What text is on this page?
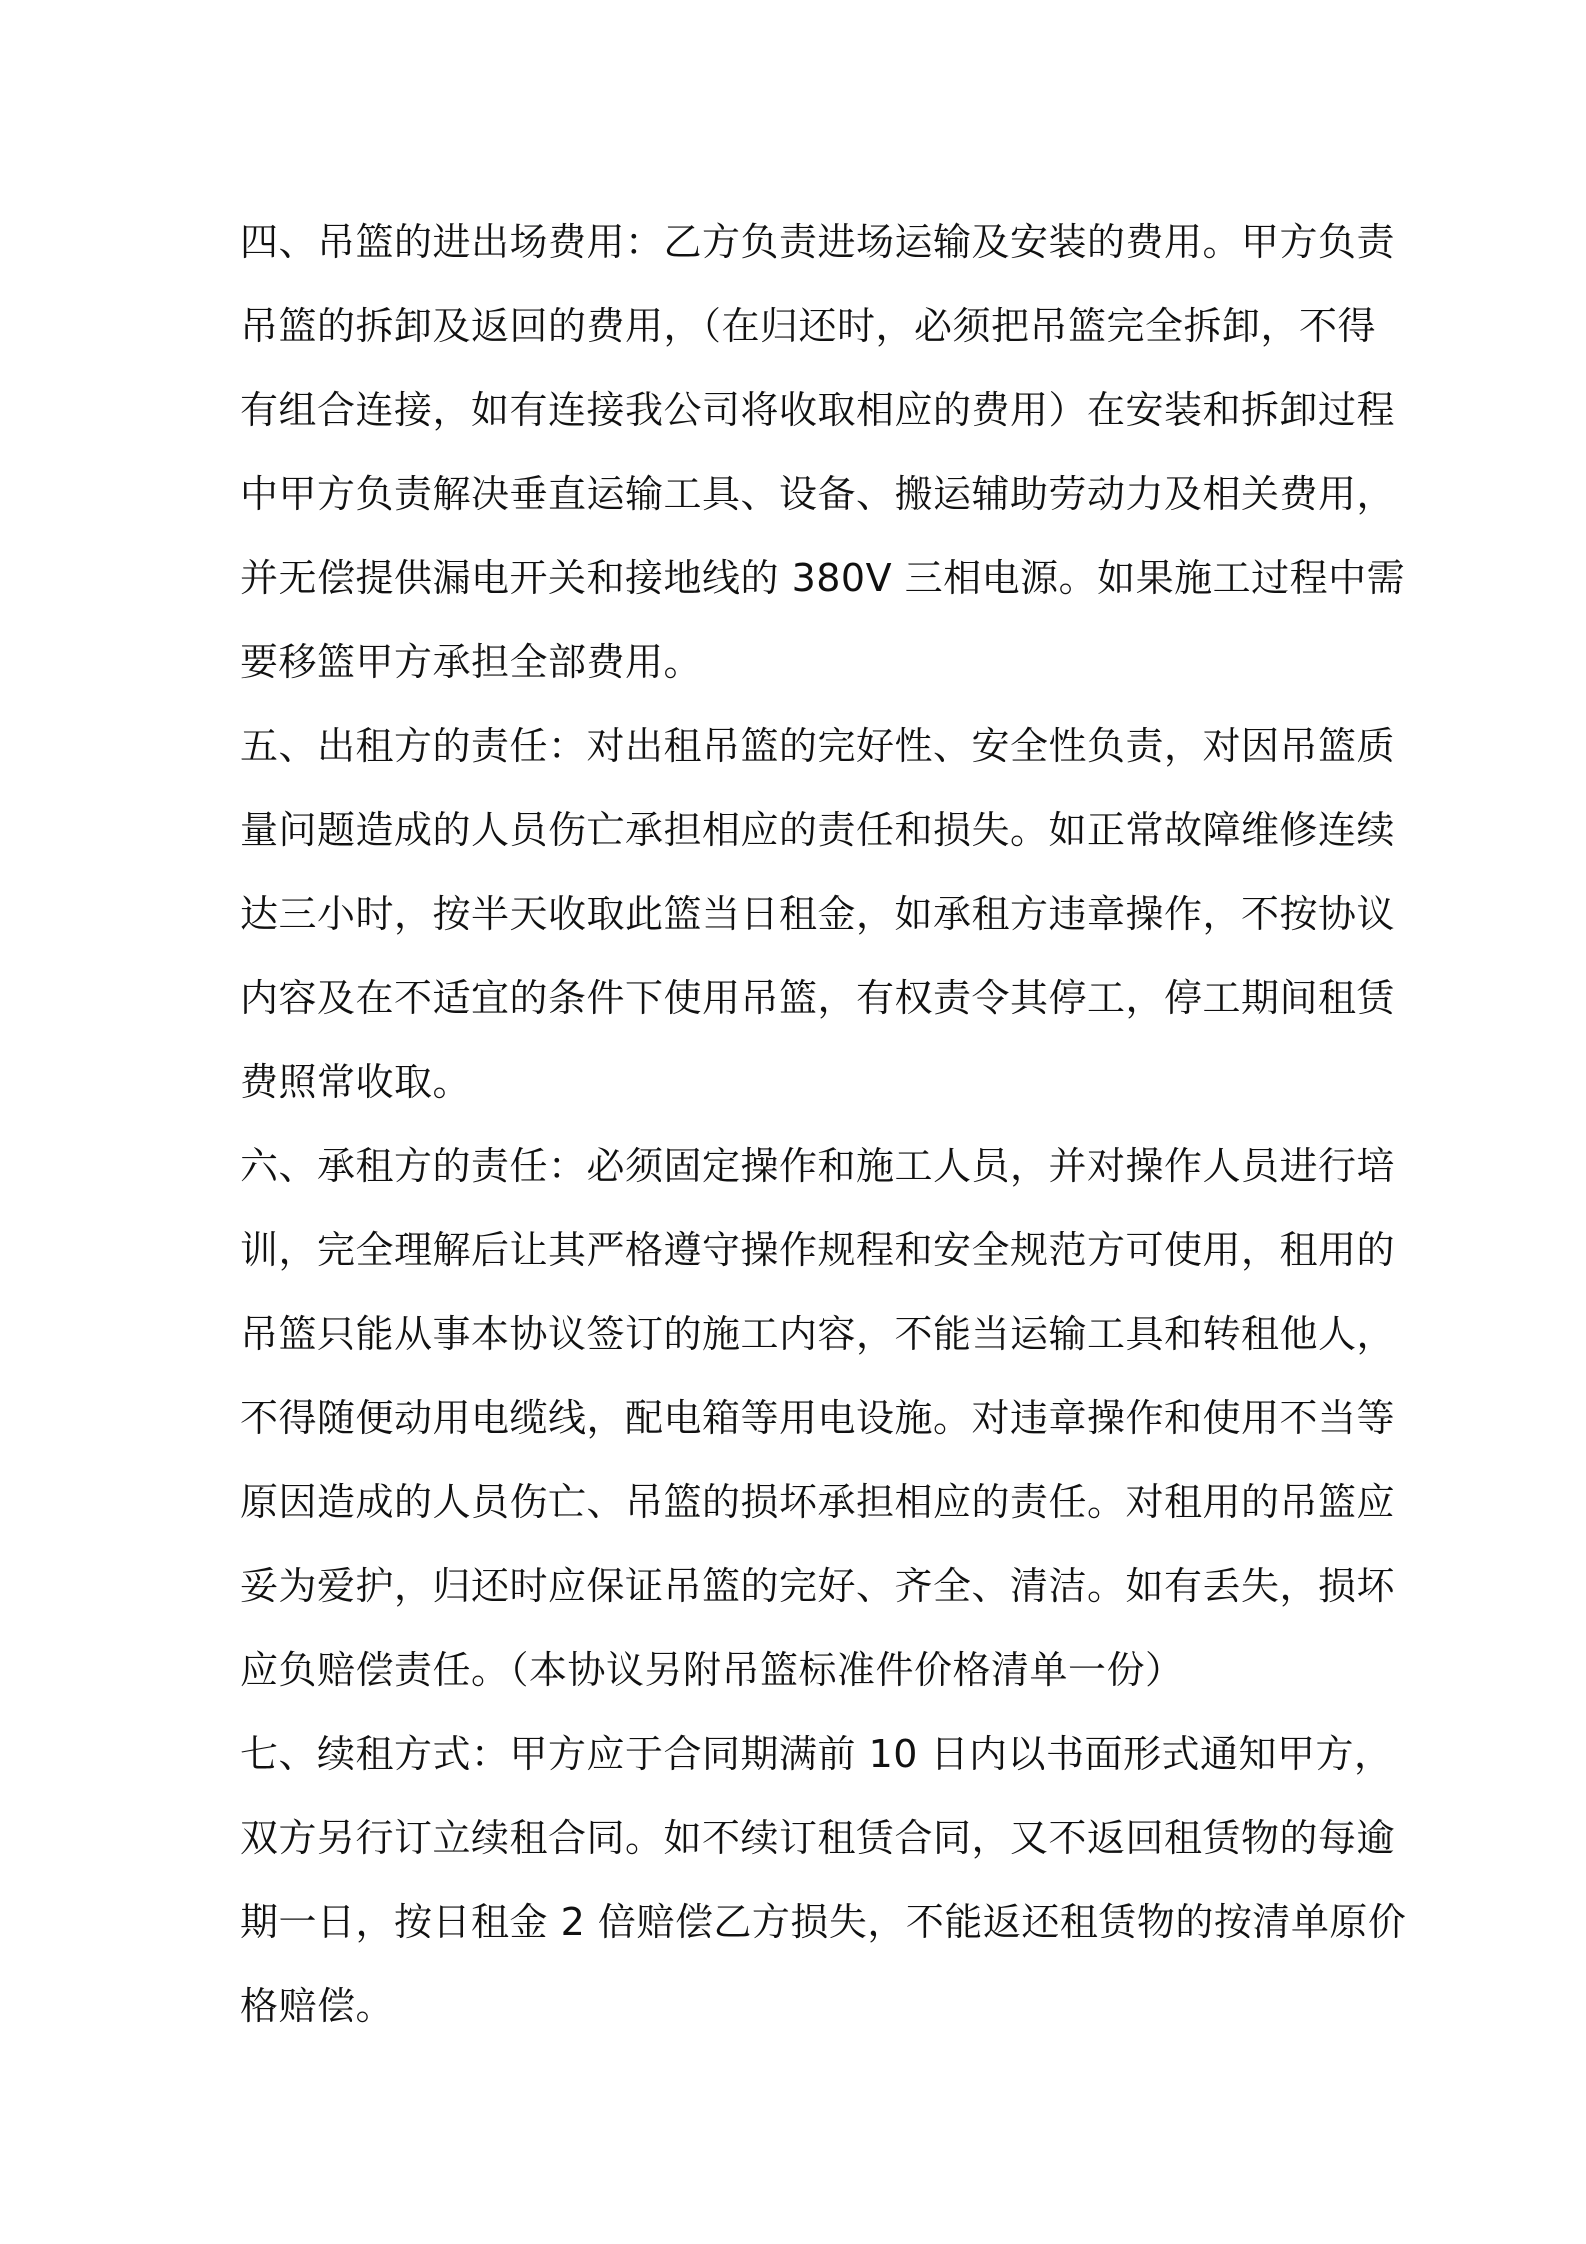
四、吊篮的进出场费用：乙方负责进场运输及安装的费用。甲方负责
吊篮的拆卸及返回的费用，（在归还时，必须把吊篮完全拆卸，不得
有组合连接，如有连接我公司将收取相应的费用）在安装和拆卸过程
中甲方负责解决垂直运输工具、设备、搬运辅助劳动力及相关费用，
并无偿提供漏电开关和接地线的 380V 三相电源。如果施工过程中需
要移篮甲方承担全部费用。
五、出租方的责任：对出租吊篮的完好性、安全性负责，对因吊篮质
量问题造成的人员伤亡承担相应的责任和损失。如正常故障维修连续
达三小时，按半天收取此篮当日租金，如承租方违章操作，不按协议
内容及在不适宜的条件下使用吊篮，有权责令其停工，停工期间租赁
费照常收取。
六、承租方的责任：必须固定操作和施工人员，并对操作人员进行培
训，完全理解后让其严格遵守操作规程和安全规范方可使用，租用的
吊篮只能从事本协议签订的施工内容，不能当运输工具和转租他人，
不得随便动用电缆线，配电箱等用电设施。对违章操作和使用不当等
原因造成的人员伤亡、吊篮的损坏承担相应的责任。对租用的吊篮应
妥为爱护，归还时应保证吊篮的完好、齐全、清洁。如有丢失，损坏
应负赔偿责任。（本协议另附吊篮标准件价格清单一份）
七、续租方式：甲方应于合同期满前 10 日内以书面形式通知甲方，
双方另行订立续租合同。如不续订租赁合同，又不返回租赁物的每逾
期一日，按日租金 2 倍赔偿乙方损失，不能返还租赁物的按清单原价
格赔偿。
